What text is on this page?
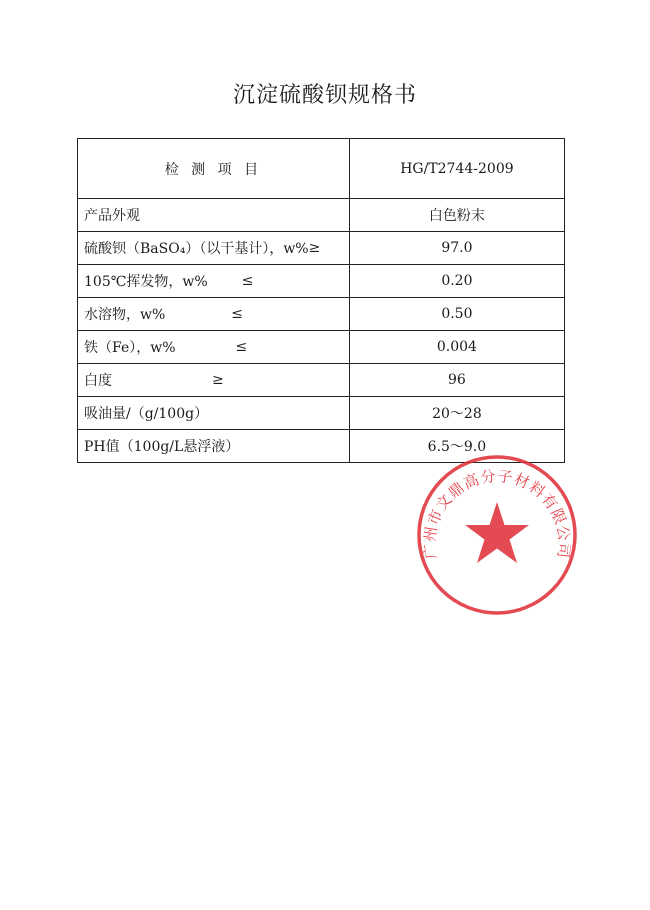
沉淀硫酸钡规格书
检 测 项 目	HG/T2744-2009

产品外观	白色粉末

硫酸钡（BaSO₄）（以干基计），w% ≥	97.0

105℃挥发物，w% ≤	0.20

水溶物，w% ≤	0.50

铁（Fe），w% ≤	0.004

白度 ≥	96

吸油量/（g/100g）	20～28

PH值（100g/L悬浮液）	6.5～9.0
广州市文鼎高分子材料有限公司
